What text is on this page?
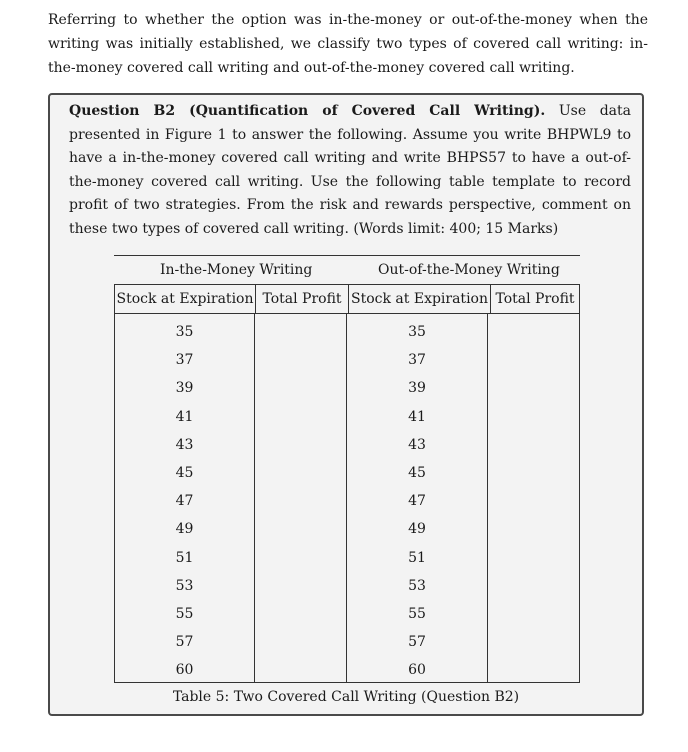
Referring to whether the option was in-the-money or out-of-the-money when the writing was initially established, we classify two types of covered call writing: in-the-money covered call writing and out-of-the-money covered call writing.
Question B2 (Quantification of Covered Call Writing). Use data presented in Figure 1 to answer the following. Assume you write BHPWL9 to have a in-the-money covered call writing and write BHPS57 to have a out-of-the-money covered call writing. Use the following table template to record profit of two strategies. From the risk and rewards perspective, comment on these two types of covered call writing. (Words limit: 400; 15 Marks)
In-the-Money Writing	Out-of-the-Money Writing
Stock at Expiration Total Profit Stock at Expiration Total Profit
35
37
39
41
43
45
47
49
51
53
55
57
60
35
37
39
41
43
45
47
49
51
53
55
57
60
Table 5: Two Covered Call Writing (Question B2)
